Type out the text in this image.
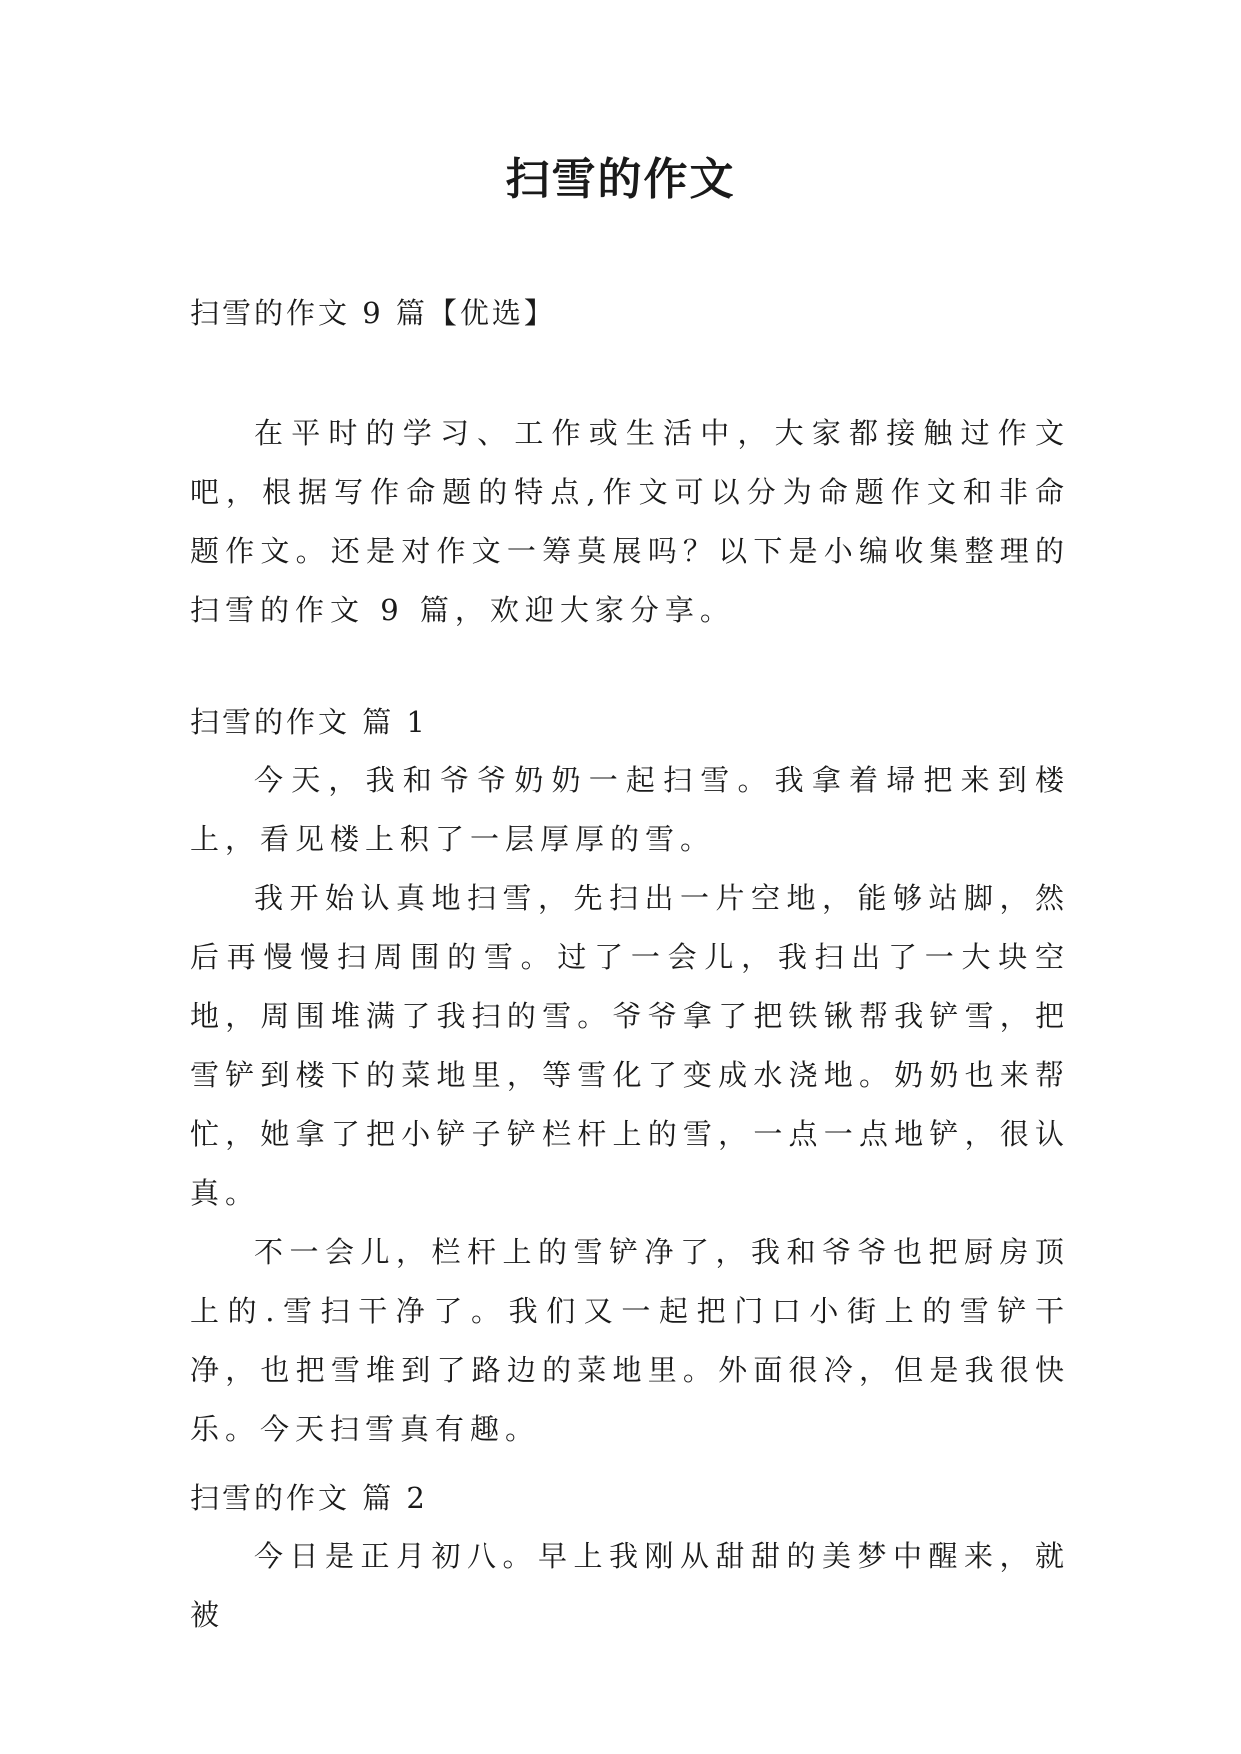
扫雪的作文
扫雪的作文 9 篇【优选】

在平时的学习、工作或生活中，大家都接触过作文吧，根据写作命题的特点,作文可以分为命题作文和非命题作文。还是对作文一筹莫展吗？以下是小编收集整理的扫雪的作文 9 篇，欢迎大家分享。

扫雪的作文 篇 1

今天，我和爷爷奶奶一起扫雪。我拿着埽把来到楼上，看见楼上积了一层厚厚的雪。

我开始认真地扫雪，先扫出一片空地，能够站脚，然后再慢慢扫周围的雪。过了一会儿，我扫出了一大块空地，周围堆满了我扫的雪。爷爷拿了把铁锹帮我铲雪，把雪铲到楼下的菜地里，等雪化了变成水浇地。奶奶也来帮忙，她拿了把小铲子铲栏杆上的雪，一点一点地铲，很认真。

不一会儿，栏杆上的雪铲净了，我和爷爷也把厨房顶上的.雪扫干净了。我们又一起把门口小街上的雪铲干净，也把雪堆到了路边的菜地里。外面很冷，但是我很快乐。今天扫雪真有趣。

扫雪的作文 篇 2

今日是正月初八。早上我刚从甜甜的美梦中醒来，就被
